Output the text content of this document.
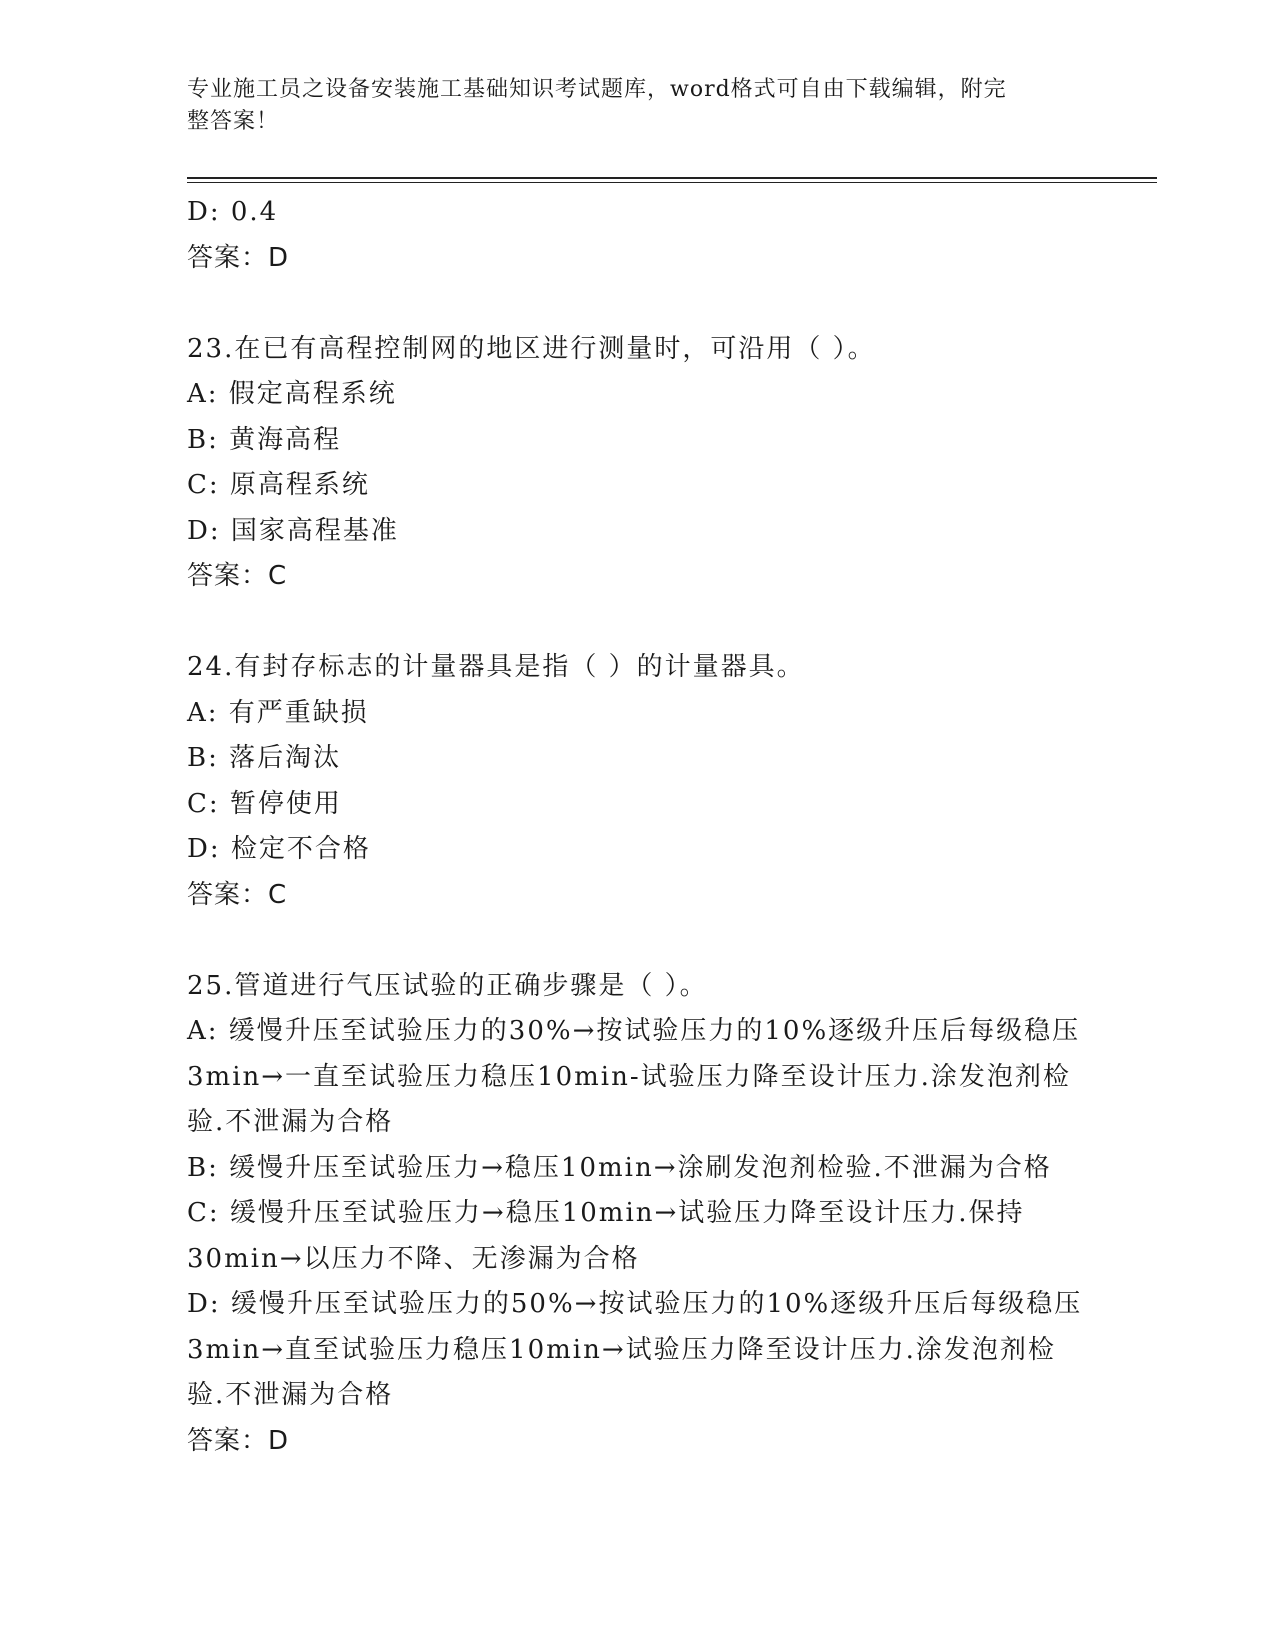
专业施工员之设备安装施工基础知识考试题库，word格式可自由下载编辑，附完
整答案！

D: 0.4

答案：D

23.在已有高程控制网的地区进行测量时，可沿用（ ）。

A: 假定高程系统

B: 黄海高程

C: 原高程系统

D: 国家高程基准

答案：C

24.有封存标志的计量器具是指（ ）的计量器具。

A: 有严重缺损

B: 落后淘汰

C: 暂停使用

D: 检定不合格

答案：C

25.管道进行气压试验的正确步骤是（ ）。

A: 缓慢升压至试验压力的30%→按试验压力的10%逐级升压后每级稳压3min→一直至试验压力稳压10min-试验压力降至设计压力.涂发泡剂检验.不泄漏为合格

B: 缓慢升压至试验压力→稳压10min→涂刷发泡剂检验.不泄漏为合格

C: 缓慢升压至试验压力→稳压10min→试验压力降至设计压力.保持30min→以压力不降、无渗漏为合格

D: 缓慢升压至试验压力的50%→按试验压力的10%逐级升压后每级稳压3min→直至试验压力稳压10min→试验压力降至设计压力.涂发泡剂检验.不泄漏为合格

答案：D
